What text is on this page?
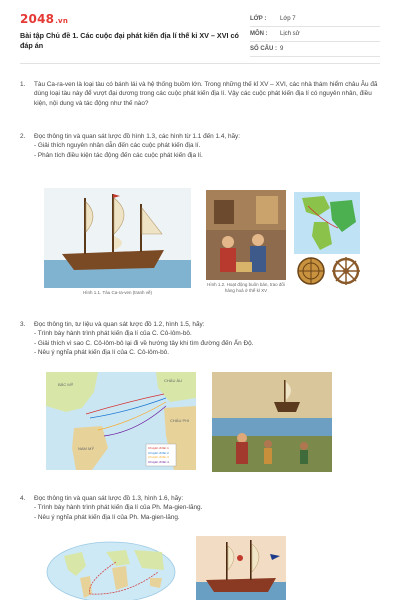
2048.vn
Bài tập Chủ đề 1. Các cuộc đại phát kiến địa lí thế kỉ XV – XVI có đáp án
LỚP :	Lớp 7
MÔN :	Lịch sử
SỐ CÂU : 9
1.	Tàu Ca-ra-ven là loại tàu có bánh lái và hệ thống buồm lớn. Trong những thế kỉ XV – XVI, các nhà thám hiểm châu Âu đã dùng loại tàu này để vượt đại dương trong các cuộc phát kiến địa lí. Vậy các cuộc phát kiến địa lí có nguyên nhân, điều kiện, nội dung và tác động như thế nào?
2.	Đọc thông tin và quan sát lược đồ hình 1.3, các hình từ 1.1 đến 1.4, hãy:
- Giải thích nguyên nhân dẫn đến các cuộc phát kiến địa lí.
- Phân tích điều kiện tác động đến các cuộc phát kiến địa lí.
Hình 1.1. Tàu Ca-ra-ven (tranh vẽ)
Hình 1.2. Hoạt động buôn bán, trao đổi hàng hoá ở thế kỉ XV
3.	Đọc thông tin, tư liệu và quan sát lược đồ 1.2, hình 1.5, hãy:
- Trình bày hành trình phát kiến địa lí của C. Cô-lôm-bô.
- Giải thích vì sao C. Cô-lôm-bô lại đi về hướng tây khi tìm đường đến Ấn Độ.
- Nêu ý nghĩa phát kiến địa lí của C. Cô-lôm-bô.
BẮC MỸ
CHÂU ÂU
CHÂU PHI
NAM MỸ	Chuyến đi lần 1
Chuyến đi lần 2
Chuyến đi lần 3
Chuyến đi lần 4
4.	Đọc thông tin và quan sát lược đồ 1.3, hình 1.6, hãy:
- Trình bày hành trình phát kiến địa lí của Ph. Ma-gien-lăng.
- Nêu ý nghĩa phát kiến địa lí của Ph. Ma-gien-lăng.
